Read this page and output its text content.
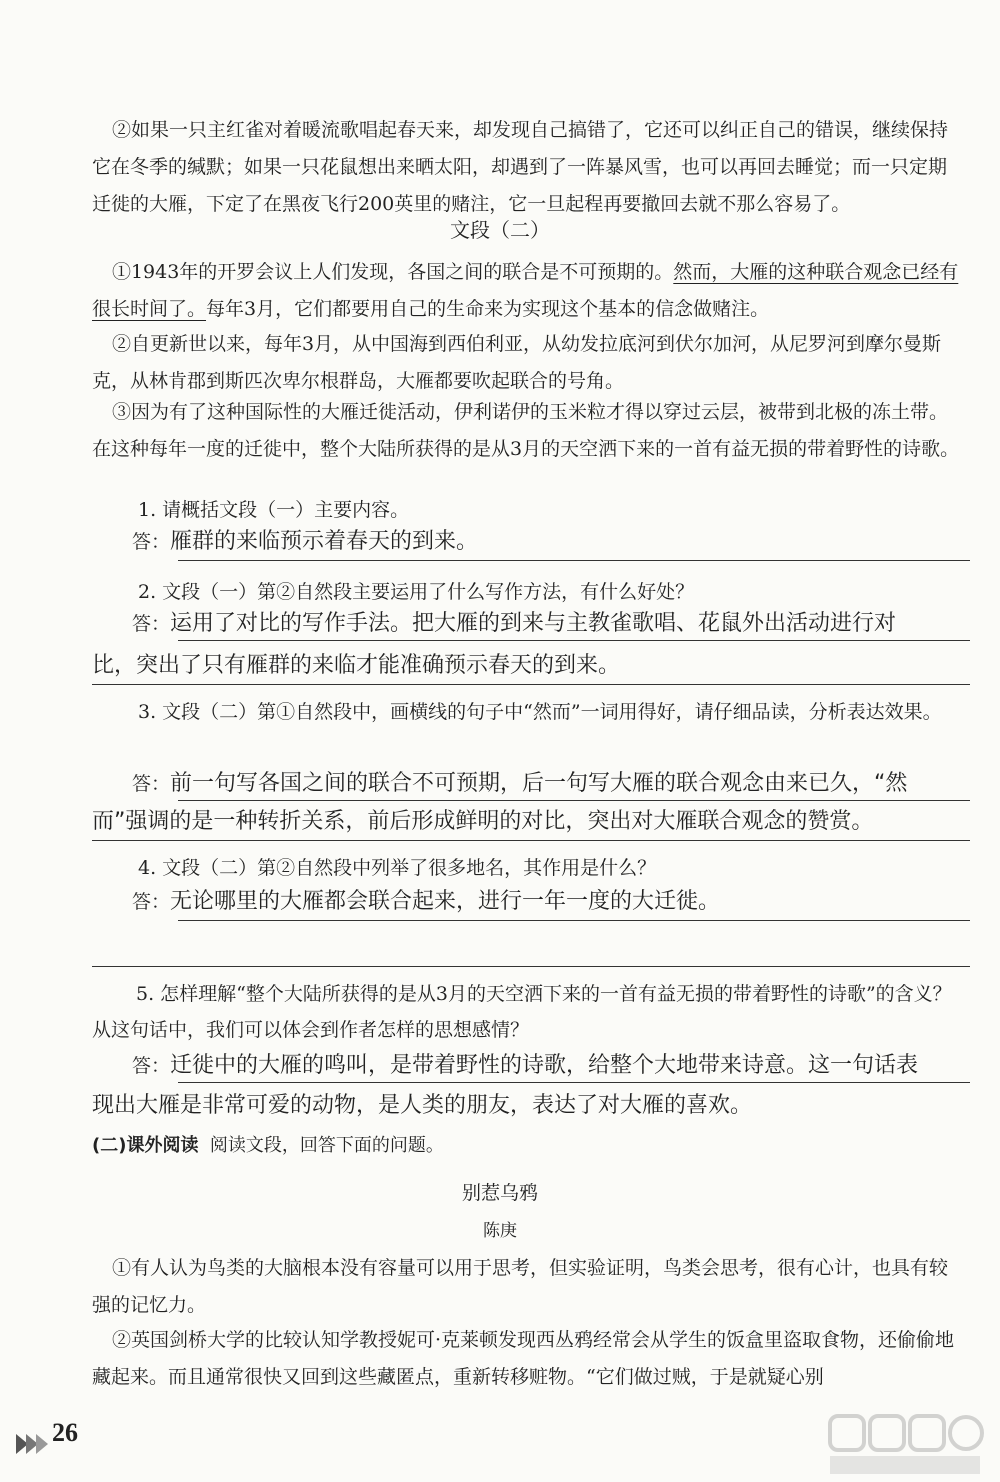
②如果一只主红雀对着暖流歌唱起春天来，却发现自己搞错了，它还可以纠正自己的错误，继续保持它在冬季的缄默；如果一只花鼠想出来晒太阳，却遇到了一阵暴风雪，也可以再回去睡觉；而一只定期迁徙的大雁，下定了在黑夜飞行200英里的赌注，它一旦起程再要撤回去就不那么容易了。

文段（二）

①1943年的开罗会议上人们发现，各国之间的联合是不可预期的。然而，大雁的这种联合观念已经有很长时间了。每年3月，它们都要用自己的生命来为实现这个基本的信念做赌注。

②自更新世以来，每年3月，从中国海到西伯利亚，从幼发拉底河到伏尔加河，从尼罗河到摩尔曼斯克，从林肯郡到斯匹次卑尔根群岛，大雁都要吹起联合的号角。

③因为有了这种国际性的大雁迁徙活动，伊利诺伊的玉米粒才得以穿过云层，被带到北极的冻土带。在这种每年一度的迁徙中，整个大陆所获得的是从3月的天空洒下来的一首有益无损的带着野性的诗歌。

1. 请概括文段（一）主要内容。

答：雁群的来临预示着春天的到来。

2. 文段（一）第②自然段主要运用了什么写作方法，有什么好处？

答：运用了对比的写作手法。把大雁的到来与主教雀歌唱、花鼠外出活动进行对

比，突出了只有雁群的来临才能准确预示春天的到来。

3. 文段（二）第①自然段中，画横线的句子中“然而”一词用得好，请仔细品读，分析表达效果。

答：前一句写各国之间的联合不可预期，后一句写大雁的联合观念由来已久，“然

而”强调的是一种转折关系，前后形成鲜明的对比，突出对大雁联合观念的赞赏。

4. 文段（二）第②自然段中列举了很多地名，其作用是什么？

答：无论哪里的大雁都会联合起来，进行一年一度的大迁徙。

5. 怎样理解“整个大陆所获得的是从3月的天空洒下来的一首有益无损的带着野性的诗歌”的含义？从这句话中，我们可以体会到作者怎样的思想感情？

答：迁徙中的大雁的鸣叫，是带着野性的诗歌，给整个大地带来诗意。这一句话表

现出大雁是非常可爱的动物，是人类的朋友，表达了对大雁的喜欢。

(二)课外阅读 阅读文段，回答下面的问题。

别惹乌鸦

陈庚

①有人认为鸟类的大脑根本没有容量可以用于思考，但实验证明，鸟类会思考，很有心计，也具有较强的记忆力。

②英国剑桥大学的比较认知学教授妮可·克莱顿发现西丛鸦经常会从学生的饭盒里盗取食物，还偷偷地藏起来。而且通常很快又回到这些藏匿点，重新转移赃物。“它们做过贼，于是就疑心别

26
